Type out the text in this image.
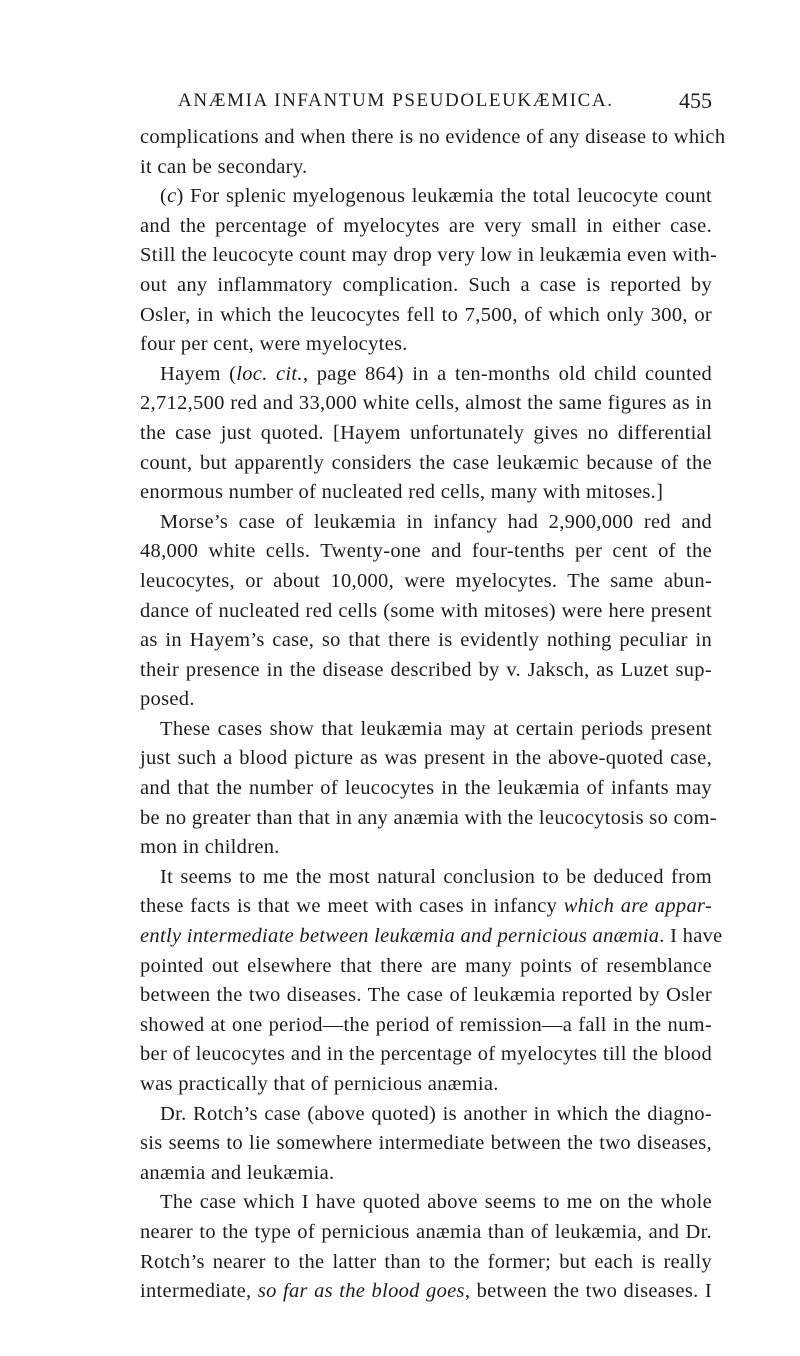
ANÆMIA INFANTUM PSEUDOLEUKÆMICA.	455
complications and when there is no evidence of any disease to which
it can be secondary.
(c) For splenic myelogenous leukæmia the total leucocyte count
and the percentage of myelocytes are very small in either case.
Still the leucocyte count may drop very low in leukæmia even with-
out any inflammatory complication. Such a case is reported by
Osler, in which the leucocytes fell to 7,500, of which only 300, or
four per cent, were myelocytes.
Hayem (loc. cit., page 864) in a ten-months old child counted
2,712,500 red and 33,000 white cells, almost the same figures as in
the case just quoted. [Hayem unfortunately gives no differential
count, but apparently considers the case leukæmic because of the
enormous number of nucleated red cells, many with mitoses.]
Morse’s case of leukæmia in infancy had 2,900,000 red and
48,000 white cells. Twenty-one and four-tenths per cent of the
leucocytes, or about 10,000, were myelocytes. The same abun-
dance of nucleated red cells (some with mitoses) were here present
as in Hayem’s case, so that there is evidently nothing peculiar in
their presence in the disease described by v. Jaksch, as Luzet sup-
posed.
These cases show that leukæmia may at certain periods present
just such a blood picture as was present in the above-quoted case,
and that the number of leucocytes in the leukæmia of infants may
be no greater than that in any anæmia with the leucocytosis so com-
mon in children.
It seems to me the most natural conclusion to be deduced from
these facts is that we meet with cases in infancy which are appar-
ently intermediate between leukæmia and pernicious anæmia. I have
pointed out elsewhere that there are many points of resemblance
between the two diseases. The case of leukæmia reported by Osler
showed at one period—the period of remission—a fall in the num-
ber of leucocytes and in the percentage of myelocytes till the blood
was practically that of pernicious anæmia.
Dr. Rotch’s case (above quoted) is another in which the diagno-
sis seems to lie somewhere intermediate between the two diseases,
anæmia and leukæmia.
The case which I have quoted above seems to me on the whole
nearer to the type of pernicious anæmia than of leukæmia, and Dr.
Rotch’s nearer to the latter than to the former; but each is really
intermediate, so far as the blood goes, between the two diseases. I
